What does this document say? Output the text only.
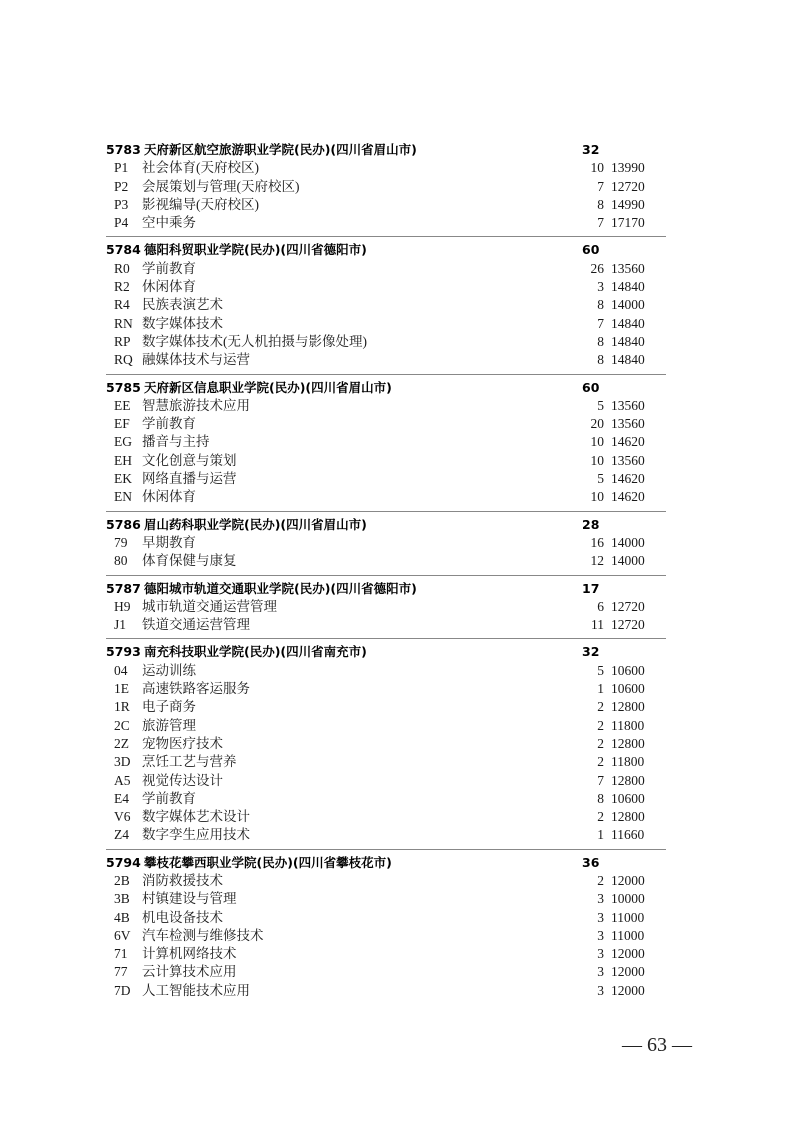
5783 天府新区航空旅游职业学院(民办)(四川省眉山市)	32
P1 社会体育(天府校区)	10 13990
P2 会展策划与管理(天府校区)	7 12720
P3 影视编导(天府校区)	8 14990
P4 空中乘务	7 17170
5784 德阳科贸职业学院(民办)(四川省德阳市)	60
R0 学前教育	26 13560
R2 休闲体育	3 14840
R4 民族表演艺术	8 14000
RN 数字媒体技术	7 14840
RP 数字媒体技术(无人机拍摄与影像处理)	8 14840
RQ 融媒体技术与运营	8 14840
5785 天府新区信息职业学院(民办)(四川省眉山市)	60
EE 智慧旅游技术应用	5 13560
EF 学前教育	20 13560
EG 播音与主持	10 14620
EH 文化创意与策划	10 13560
EK 网络直播与运营	5 14620
EN 休闲体育	10 14620
5786 眉山药科职业学院(民办)(四川省眉山市)	28
79 早期教育	16 14000
80 体育保健与康复	12 14000
5787 德阳城市轨道交通职业学院(民办)(四川省德阳市)	17
H9 城市轨道交通运营管理	6 12720
J1 铁道交通运营管理	11 12720
5793 南充科技职业学院(民办)(四川省南充市)	32
04 运动训练	5 10600
1E 高速铁路客运服务	1 10600
1R 电子商务	2 12800
2C 旅游管理	2 11800
2Z 宠物医疗技术	2 12800
3D 烹饪工艺与营养	2 11800
A5 视觉传达设计	7 12800
E4 学前教育	8 10600
V6 数字媒体艺术设计	2 12800
Z4 数字孪生应用技术	1 11660
5794 攀枝花攀西职业学院(民办)(四川省攀枝花市)	36
2B 消防救援技术	2 12000
3B 村镇建设与管理	3 10000
4B 机电设备技术	3 11000
6V 汽车检测与维修技术	3 11000
71 计算机网络技术	3 12000
77 云计算技术应用	3 12000
7D 人工智能技术应用	3 12000
— 63 —
